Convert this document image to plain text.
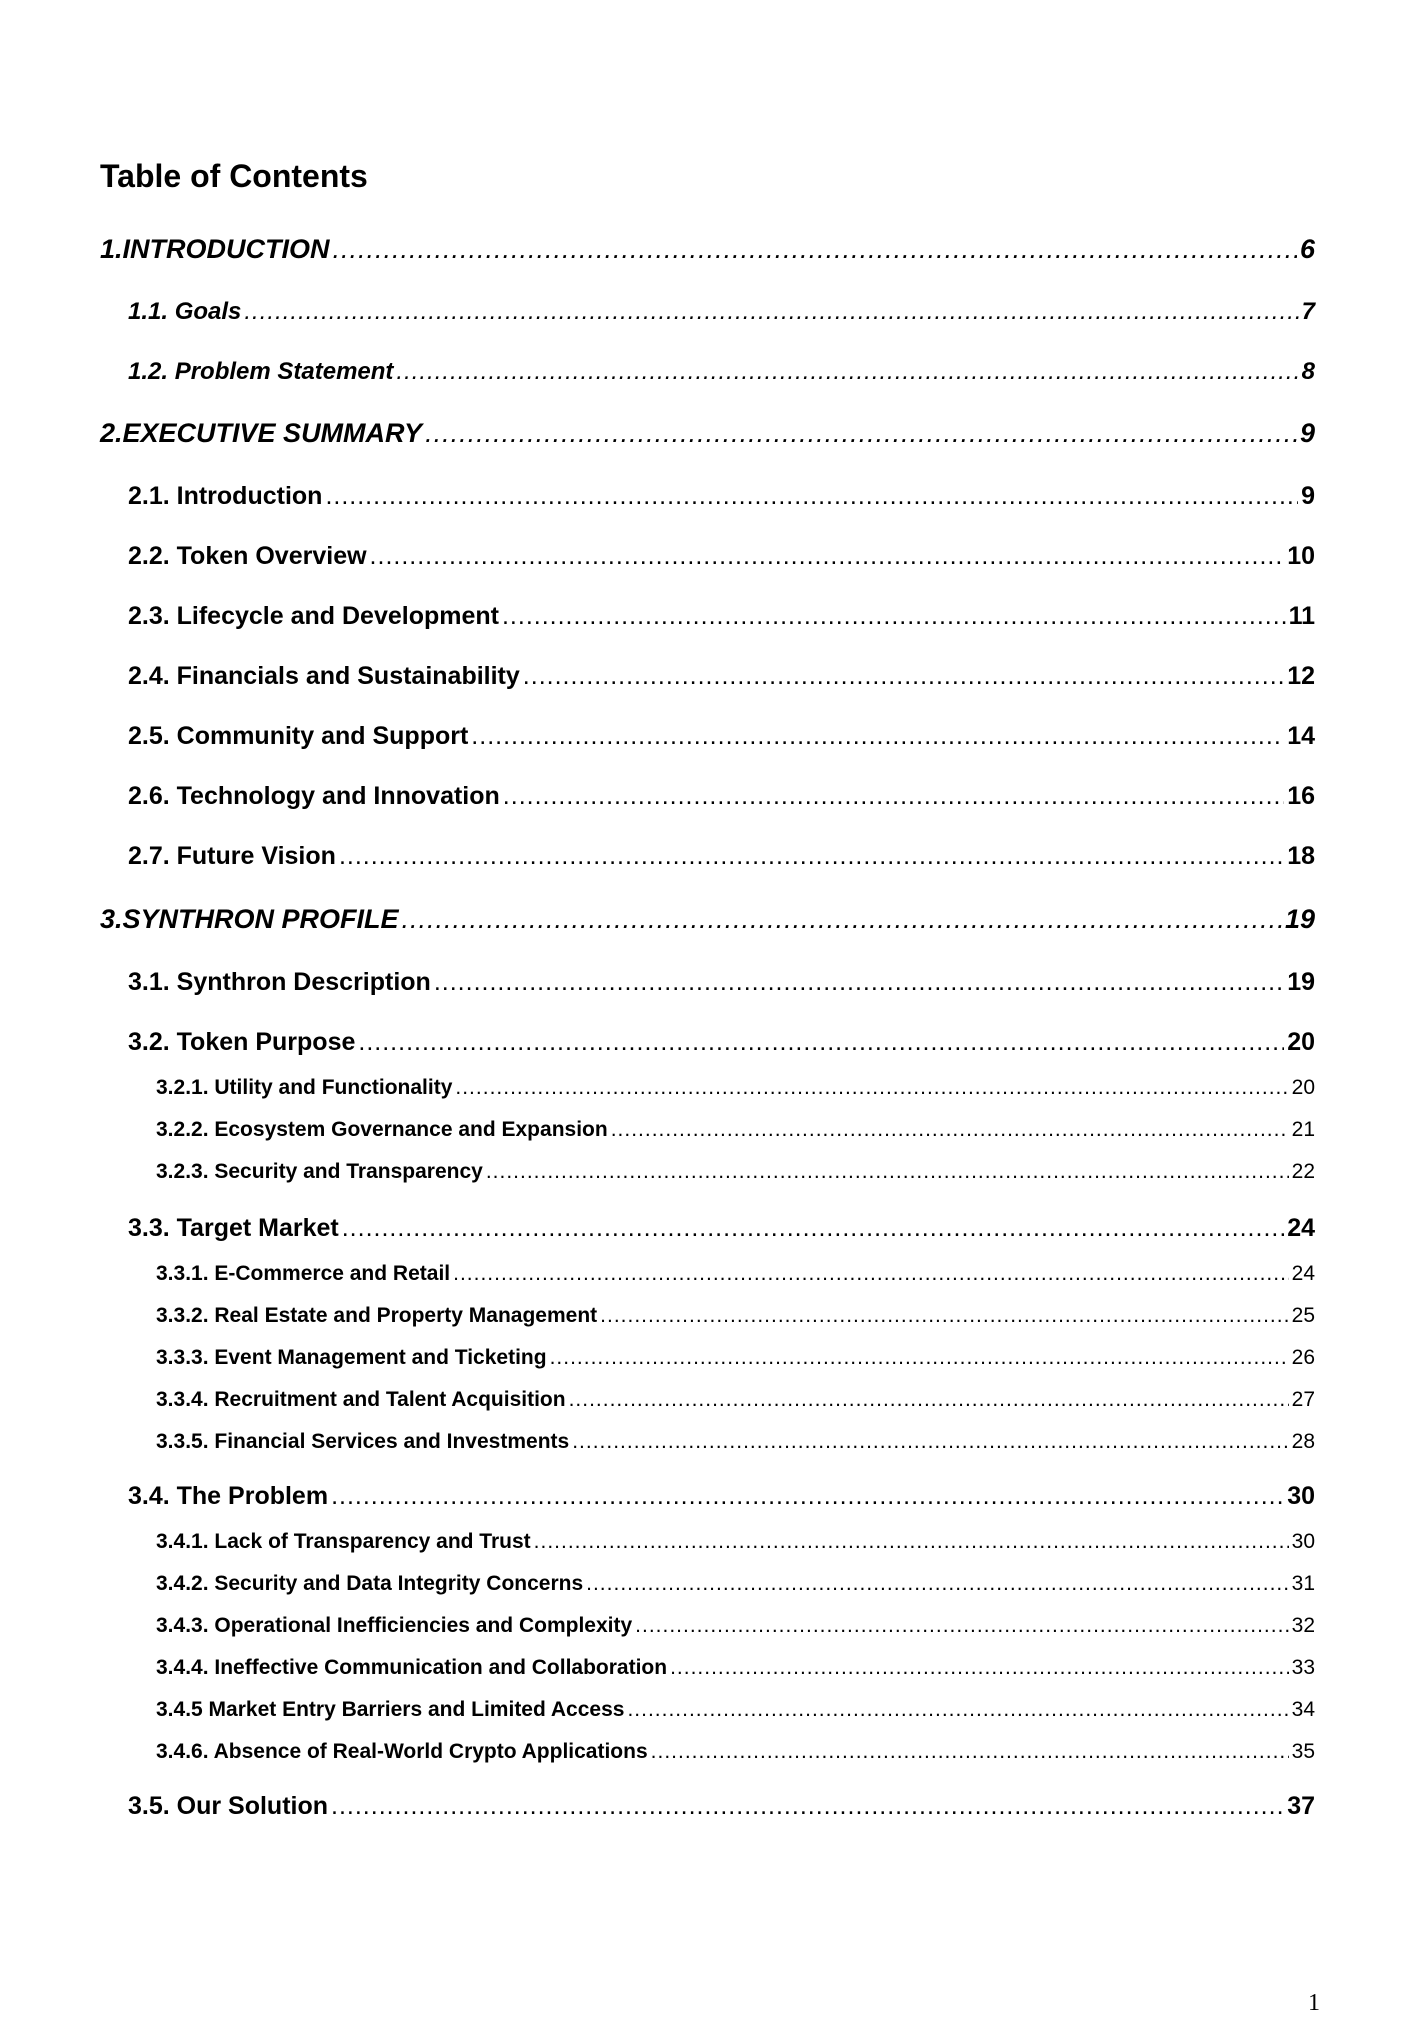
Table of Contents
1.INTRODUCTION .....	6
1.1. Goals .....	7
1.2. Problem Statement .....	8
2.EXECUTIVE SUMMARY .....	9
2.1. Introduction .....	9
2.2. Token Overview .....	10
2.3. Lifecycle and Development .....	11
2.4. Financials and Sustainability .....	12
2.5. Community and Support .....	14
2.6. Technology and Innovation .....	16
2.7. Future Vision .....	18
3.SYNTHRON PROFILE .....	19
3.1. Synthron Description .....	19
3.2. Token Purpose .....	20
3.2.1. Utility and Functionality .....	20
3.2.2. Ecosystem Governance and Expansion .....	21
3.2.3. Security and Transparency .....	22
3.3. Target Market .....	24
3.3.1. E-Commerce and Retail .....	24
3.3.2. Real Estate and Property Management .....	25
3.3.3. Event Management and Ticketing .....	26
3.3.4. Recruitment and Talent Acquisition .....	27
3.3.5. Financial Services and Investments .....	28
3.4. The Problem .....	30
3.4.1. Lack of Transparency and Trust .....	30
3.4.2. Security and Data Integrity Concerns .....	31
3.4.3. Operational Inefficiencies and Complexity .....	32
3.4.4. Ineffective Communication and Collaboration .....	33
3.4.5 Market Entry Barriers and Limited Access .....	34
3.4.6. Absence of Real-World Crypto Applications .....	35
3.5. Our Solution .....	37
1
